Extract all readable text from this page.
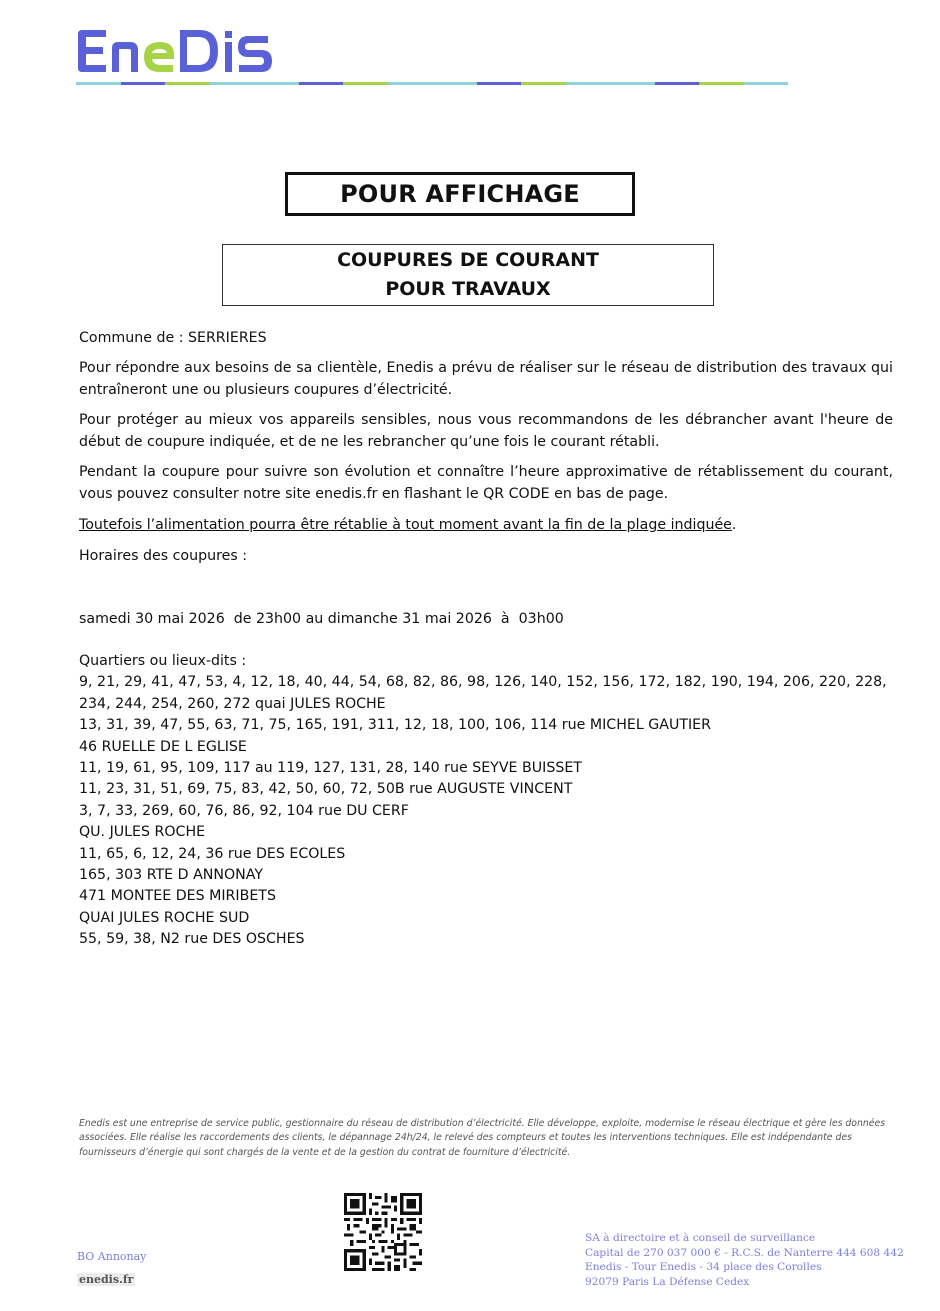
POUR AFFICHAGE
COUPURES DE COURANT
POUR TRAVAUX
Commune de : SERRIERES
Pour répondre aux besoins de sa clientèle, Enedis a prévu de réaliser sur le réseau de distribution des travaux qui entraîneront une ou plusieurs coupures d’électricité.
Pour protéger au mieux vos appareils sensibles, nous vous recommandons de les débrancher avant l'heure de début de coupure indiquée, et de ne les rebrancher qu’une fois le courant rétabli.
Pendant la coupure pour suivre son évolution et connaître l’heure approximative de rétablissement du courant, vous pouvez consulter notre site enedis.fr en flashant le QR CODE en bas de page.
Toutefois l’alimentation pourra être rétablie à tout moment avant la fin de la plage indiquée.
Horaires des coupures :
samedi 30 mai 2026  de 23h00 au dimanche 31 mai 2026  à  03h00
Quartiers ou lieux-dits :
9, 21, 29, 41, 47, 53, 4, 12, 18, 40, 44, 54, 68, 82, 86, 98, 126, 140, 152, 156, 172, 182, 190, 194, 206, 220, 228, 234, 244, 254, 260, 272 quai JULES ROCHE
13, 31, 39, 47, 55, 63, 71, 75, 165, 191, 311, 12, 18, 100, 106, 114 rue MICHEL GAUTIER
46 RUELLE DE L EGLISE
11, 19, 61, 95, 109, 117 au 119, 127, 131, 28, 140 rue SEYVE BUISSET
11, 23, 31, 51, 69, 75, 83, 42, 50, 60, 72, 50B rue AUGUSTE VINCENT
3, 7, 33, 269, 60, 76, 86, 92, 104 rue DU CERF
QU. JULES ROCHE
11, 65, 6, 12, 24, 36 rue DES ECOLES
165, 303 RTE D ANNONAY
471 MONTEE DES MIRIBETS
QUAI JULES ROCHE SUD
55, 59, 38, N2 rue DES OSCHES
Enedis est une entreprise de service public, gestionnaire du réseau de distribution d’électricité. Elle développe, exploite, modernise le réseau électrique et gère les données associées. Elle réalise les raccordements des clients, le dépannage 24h/24, le relevé des compteurs et toutes les interventions techniques. Elle est indépendante des fournisseurs d’énergie qui sont chargés de la vente et de la gestion du contrat de fourniture d’électricité.
BO Annonay
enedis.fr
SA à directoire et à conseil de surveillance
Capital de 270 037 000 € - R.C.S. de Nanterre 444 608 442
Enedis - Tour Enedis - 34 place des Corolles
92079 Paris La Défense Cedex
